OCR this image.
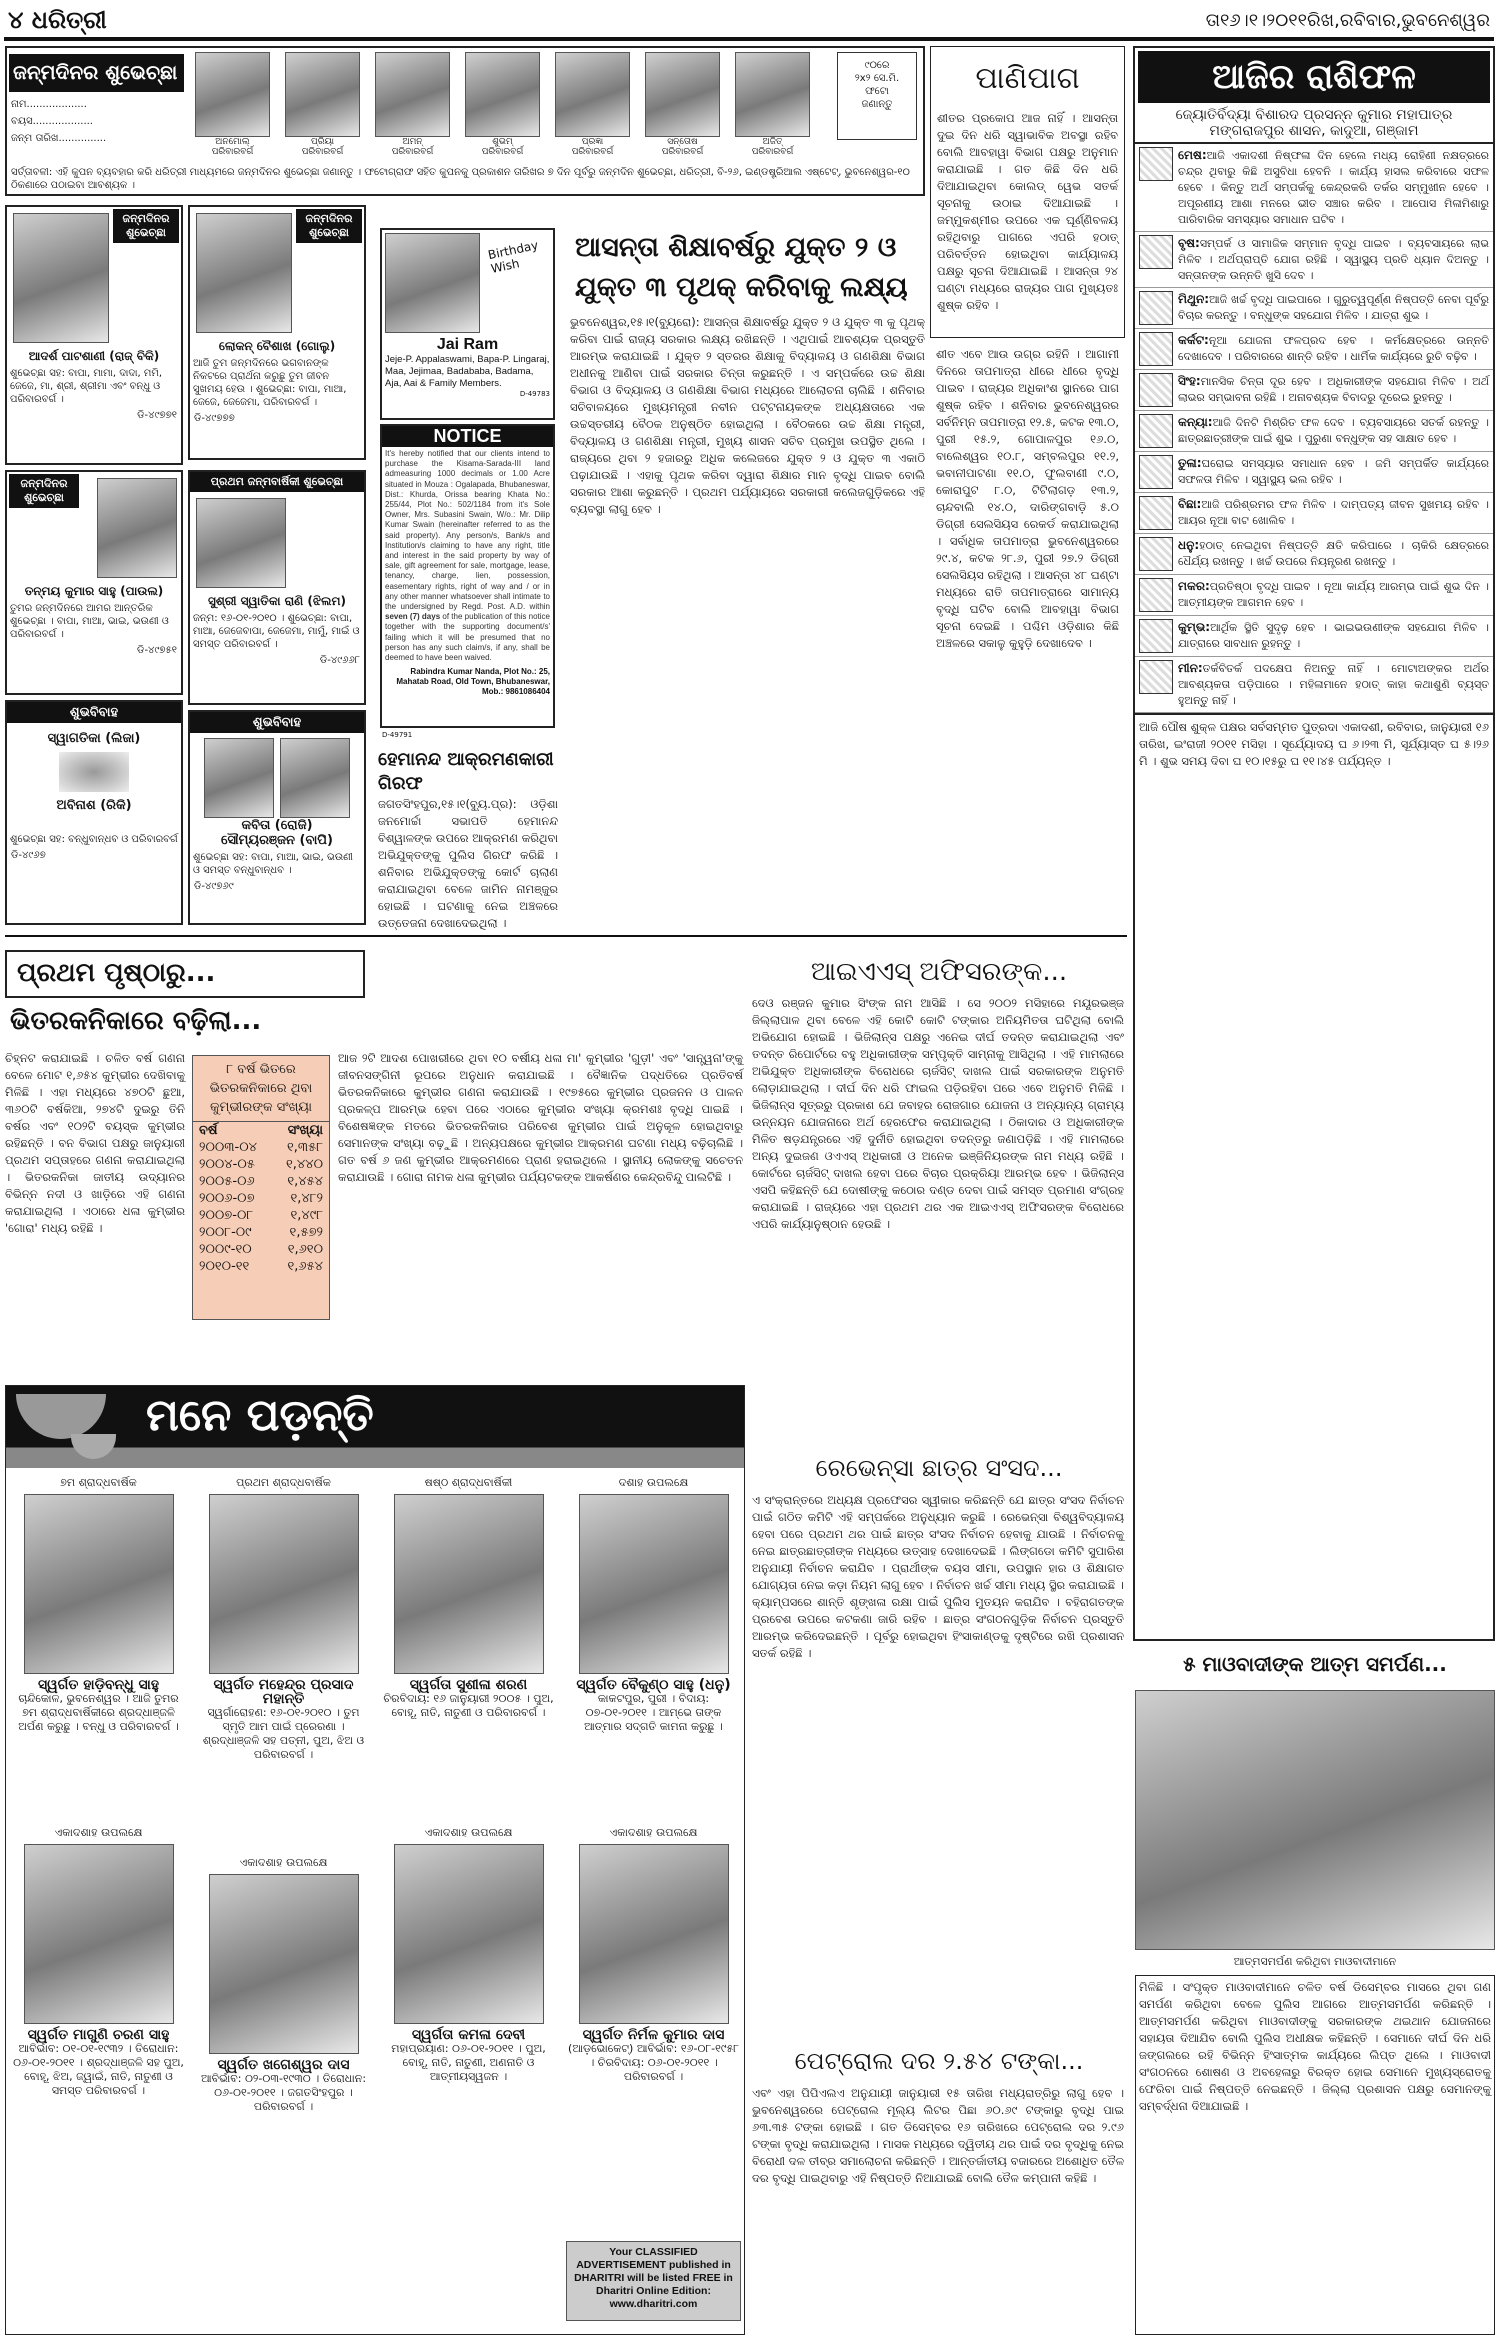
୪ ଧରିତ୍ରୀ	ତା୧୬।୧।୨୦୧୧ରିଖ,ରବିବାର,ଭୁବନେଶ୍ୱର
ଜନ୍ମଦିନର ଶୁଭେଚ୍ଛା
ନାମ...................
ବୟସ...................
ଜନ୍ମ ତାରିଖ...............	ଅନମୋଲ୍
ପରିବାରବର୍ଗ
ପ୍ରିୟା
ପରିବାରବର୍ଗ
ଅମନ୍
ପରିବାରବର୍ଗ
ଶୁଭମ୍
ପରିବାରବର୍ଗ
ପ୍ରଜ୍ଞା
ପରିବାରବର୍ଗ
ସନ୍ତୋଷ
ପରିବାରବର୍ଗ
ଅଜିତ୍
ପରିବାରବର୍ଗ
୯୦ରେ
୨x୨ ସେ.ମି.
ଫଟୋ
ଜଣାନ୍ତୁ
ସର୍ତ୍ତାବଳୀ: ଏହି କୁପନ ବ୍ୟବହାର କରି ଧରିତ୍ରୀ ମାଧ୍ୟମରେ ଜନ୍ମଦିନର ଶୁଭେଚ୍ଛା ଜଣାନ୍ତୁ । ଫଟୋଗ୍ରାଫ ସହିତ କୁପନକୁ ପ୍ରକାଶନ ତାରିଖର ୭ ଦିନ ପୂର୍ବରୁ ଜନ୍ମଦିନ ଶୁଭେଚ୍ଛା, ଧରିତ୍ରୀ, ବି-୨୬, ଇଣ୍ଡଷ୍ଟ୍ରିଆଲ ଏଷ୍ଟେଟ୍, ଭୁବନେଶ୍ୱର-୧୦ ଠିକଣାରେ ପଠାଇବା ଆବଶ୍ୟକ ।
ପାଣିପାଗ
ଶୀତର ପ୍ରକୋପ ଆଜ ନାହିଁ । ଆସନ୍ତା ଦୁଇ ଦିନ ଧରି ସ୍ୱାଭାବିକ ଅବସ୍ଥା ରହିବ ବୋଲି ଆବହାୱା ବିଭାଗ ପକ୍ଷରୁ ଅନୁମାନ କରାଯାଇଛି । ଗତ କିଛି ଦିନ ଧରି ଦିଆଯାଇଥିବା କୋଲଡ୍ ୱେଭ ସତର୍କ ସୂଚନାକୁ ଉଠାଇ ଦିଆଯାଇଛି । ଜମ୍ମୁକଶ୍ମୀର ଉପରେ ଏକ ଘୂର୍ଣ୍ଣିବଳୟ ରହିଥିବାରୁ ପାଗରେ ଏପରି ହଠାତ୍ ପରିବର୍ତ୍ତନ ହୋଇଥିବା କାର୍ଯ୍ୟାଳୟ ପକ୍ଷରୁ ସୂଚନା ଦିଆଯାଇଛି । ଆସନ୍ତା ୨୪ ଘଣ୍ଟା ମଧ୍ୟରେ ରାଜ୍ୟର ପାଗ ମୁଖ୍ୟତଃ ଶୁଷ୍କ ରହିବ ।
ଜନ୍ମଦିନର ଶୁଭେଚ୍ଛା
ଆଦର୍ଶ ପାଟଶାଣୀ (ରାଜ୍ ବିକି)
ଶୁଭେଚ୍ଛା ସହ: ବାପା, ମାମା, ଦାଦା, ମମି, ଜେଜେ, ମା, ଶ୍ରୀ, ଶ୍ରୀମା ଏବଂ ବନ୍ଧୁ ଓ ପରିବାରବର୍ଗ ।
ଡି-୪୯୭୭୧
ଜନ୍ମଦିନର ଶୁଭେଚ୍ଛା
ଲୋକନ୍ ବୈଶାଖ (ଗୋଲୁ)
ଆଜି ତୁମ ଜନ୍ମଦିନରେ ଭଗବାନଙ୍କ ନିକଟରେ ପ୍ରାର୍ଥନା କରୁଛୁ ତୁମ ଜୀବନ ସୁଖମୟ ହେଉ । ଶୁଭେଚ୍ଛା: ବାପା, ମାଆ, ଜେଜେ, ଜେଜେମା, ପରିବାରବର୍ଗ ।
ଡି-୪୯୭୭୭
ଜନ୍ମଦିନର ଶୁଭେଚ୍ଛା
ତନ୍ମୟ କୁମାର ସାହୁ (ପାଉଲ)
ତୁମର ଜନ୍ମଦିନରେ ଆମର ଆନ୍ତରିକ ଶୁଭେଚ୍ଛା । ବାପା, ମାଆ, ଭାଇ, ଭଉଣୀ ଓ ପରିବାରବର୍ଗ ।
ଡି-୪୯୭୫୧
ପ୍ରଥମ ଜନ୍ମବାର୍ଷିକୀ ଶୁଭେଚ୍ଛା
ସୁଶ୍ରୀ ସ୍ୱାତିକା ରାଣି (ଝିଲମ)
ଜନ୍ମ: ୧୬-୦୧-୨୦୧୦ । ଶୁଭେଚ୍ଛା: ବାପା, ମାଆ, ଜେଜେବାପା, ଜେଜେମା, ମାମୁଁ, ମାଇଁ ଓ ସମସ୍ତ ପରିବାରବର୍ଗ ।
ଡି-୪୯୬୬୮
ଶୁଭବିବାହ
ସ୍ୱାଗତିକା (ଲିଜା)
ଅବିନାଶ (ରିକି)
ଶୁଭେଚ୍ଛା ସହ: ବନ୍ଧୁବାନ୍ଧବ ଓ ପରିବାରବର୍ଗ
ଡି-୪୯୬୭
ଶୁଭବିବାହ
କବିତା (ରୋଜି)
ସୌମ୍ୟରଞ୍ଜନ (ବାପି)
ଶୁଭେଚ୍ଛା ସହ: ବାପା, ମାଆ, ଭାଇ, ଭଉଣୀ ଓ ସମସ୍ତ ବନ୍ଧୁବାନ୍ଧବ ।
ଡି-୪୯୭୬୯
Birthday Wish
Jai Ram
Jeje-P. Appalaswami, Bapa-P. Lingaraj, Maa, Jejimaa, Badababa, Badama, Aja, Aai & Family Members.
D-49783
NOTICE
It's hereby notified that our clients intend to purchase the Kisama-Sarada-III land admeasuring 1000 decimals or 1.00 Acre situated in Mouza : Ogalapada, Bhubaneswar, Dist.: Khurda, Orissa bearing Khata No.: 255/44, Plot No.: 502/1184 from it's Sole Owner, Mrs. Subasini Swain, W/o.: Mr. Dilip Kumar Swain (hereinafter referred to as the said property). Any person/s, Bank/s and Institution/s claiming to have any right, title and interest in the said property by way of sale, gift agreement for sale, mortgage, lease, tenancy, charge, lien, possession, easementary rights, right of way and / or in any other manner whatsoever shall intimate to the undersigned by Regd. Post. A.D. within seven (7) days of the publication of this notice together with the supporting document/s' failing which it will be presumed that no person has any such claim/s, if any, shall be deemed to have been waived.
Rabindra Kumar Nanda, Plot No.: 25, Mahatab Road, Old Town, Bhubaneswar, Mob.: 9861086404
D-49791
ହେମାନନ୍ଦ ଆକ୍ରମଣକାରୀ ଗିରଫ
ଜଗତସିଂହପୁର,୧୫।୧(ବ୍ୟୁ.ପ୍ର): ଓଡ଼ିଶା ଜନମୋର୍ଚ୍ଚା ସଭାପତି ହେମାନନ୍ଦ ବିଶ୍ୱାଳଙ୍କ ଉପରେ ଆକ୍ରମଣ କରିଥିବା ଅଭିଯୁକ୍ତଙ୍କୁ ପୁଲିସ ଗିରଫ କରିଛି । ଶନିବାର ଅଭିଯୁକ୍ତଙ୍କୁ କୋର୍ଟ ଚାଲାଣ କରାଯାଇଥିବା ବେଳେ ଜାମିନ ନାମଞ୍ଜୁର ହୋଇଛି । ଘଟଣାକୁ ନେଇ ଅଞ୍ଚଳରେ ଉତ୍ତେଜନା ଦେଖାଦେଇଥିଲା ।
ଆସନ୍ତା ଶିକ୍ଷାବର୍ଷରୁ ଯୁକ୍ତ ୨ ଓ ଯୁକ୍ତ ୩ ପୃଥକ୍ କରିବାକୁ ଲକ୍ଷ୍ୟ
ଭୁବନେଶ୍ୱର,୧୫।୧(ବ୍ୟୁରୋ): ଆସନ୍ତା ଶିକ୍ଷାବର୍ଷରୁ ଯୁକ୍ତ ୨ ଓ ଯୁକ୍ତ ୩ କୁ ପୃଥକ୍ କରିବା ପାଇଁ ରାଜ୍ୟ ସରକାର ଲକ୍ଷ୍ୟ ରଖିଛନ୍ତି । ଏଥିପାଇଁ ଆବଶ୍ୟକ ପ୍ରସ୍ତୁତି ଆରମ୍ଭ କରାଯାଇଛି । ଯୁକ୍ତ ୨ ସ୍ତରର ଶିକ୍ଷାକୁ ବିଦ୍ୟାଳୟ ଓ ଗଣଶିକ୍ଷା ବିଭାଗ ଅଧୀନକୁ ଆଣିବା ପାଇଁ ସରକାର ଚିନ୍ତା କରୁଛନ୍ତି । ଏ ସମ୍ପର୍କରେ ଉଚ୍ଚ ଶିକ୍ଷା ବିଭାଗ ଓ ବିଦ୍ୟାଳୟ ଓ ଗଣଶିକ୍ଷା ବିଭାଗ ମଧ୍ୟରେ ଆଲୋଚନା ଚାଲିଛି । ଶନିବାର ସଚିବାଳୟରେ ମୁଖ୍ୟମନ୍ତ୍ରୀ ନବୀନ ପଟ୍ଟନାୟକଙ୍କ ଅଧ୍ୟକ୍ଷତାରେ ଏକ ଉଚ୍ଚସ୍ତରୀୟ ବୈଠକ ଅନୁଷ୍ଠିତ ହୋଇଥିଲା । ବୈଠକରେ ଉଚ୍ଚ ଶିକ୍ଷା ମନ୍ତ୍ରୀ, ବିଦ୍ୟାଳୟ ଓ ଗଣଶିକ୍ଷା ମନ୍ତ୍ରୀ, ମୁଖ୍ୟ ଶାସନ ସଚିବ ପ୍ରମୁଖ ଉପସ୍ଥିତ ଥିଲେ । ରାଜ୍ୟରେ ଥିବା ୨ ହଜାରରୁ ଅଧିକ କଲେଜରେ ଯୁକ୍ତ ୨ ଓ ଯୁକ୍ତ ୩ ଏକାଠି ପଢ଼ାଯାଉଛି । ଏହାକୁ ପୃଥକ କରିବା ଦ୍ୱାରା ଶିକ୍ଷାର ମାନ ବୃଦ୍ଧି ପାଇବ ବୋଲି ସରକାର ଆଶା କରୁଛନ୍ତି । ପ୍ରଥମ ପର୍ଯ୍ୟାୟରେ ସରକାରୀ କଲେଜଗୁଡ଼ିକରେ ଏହି ବ୍ୟବସ୍ଥା ଲାଗୁ ହେବ ।
ଶୀତ ଏବେ ଆଉ ଉଗ୍ର ରହିନି । ଆଗାମୀ ଦିନରେ ତାପମାତ୍ରା ଧୀରେ ଧୀରେ ବୃଦ୍ଧି ପାଇବ । ରାଜ୍ୟର ଅଧିକାଂଶ ସ୍ଥାନରେ ପାଗ ଶୁଷ୍କ ରହିବ । ଶନିବାର ଭୁବନେଶ୍ୱରର ସର୍ବନିମ୍ନ ତାପମାତ୍ରା ୧୨.୫, କଟକ ୧୩.୦, ପୁରୀ ୧୫.୨, ଗୋପାଳପୁର ୧୬.୦, ବାଲେଶ୍ୱର ୧୦.୮, ସମ୍ବଲପୁର ୧୧.୨, ଭବାନୀପାଟଣା ୧୧.୦, ଫୁଲବାଣୀ ୯.୦, କୋରାପୁଟ ୮.୦, ଟିଟିଲାଗଡ଼ ୧୩.୨, ଚାନ୍ଦବାଲି ୧୪.୦, ଦାରିଙ୍ଗବାଡ଼ି ୫.୦ ଡିଗ୍ରୀ ସେଲସିୟସ ରେକର୍ଡ କରାଯାଇଥିଲା । ସର୍ବାଧିକ ତାପମାତ୍ରା ଭୁବନେଶ୍ୱରରେ ୨୯.୪, କଟକ ୨୮.୬, ପୁରୀ ୨୭.୨ ଡିଗ୍ରୀ ସେଲସିୟସ ରହିଥିଲା । ଆସନ୍ତା ୪୮ ଘଣ୍ଟା ମଧ୍ୟରେ ରାତି ତାପମାତ୍ରାରେ ସାମାନ୍ୟ ବୃଦ୍ଧି ଘଟିବ ବୋଲି ଆବହାୱା ବିଭାଗ ସୂଚନା ଦେଇଛି । ପଶ୍ଚିମ ଓଡ଼ିଶାର କିଛି ଅଞ୍ଚଳରେ ସକାଳୁ କୁହୁଡ଼ି ଦେଖାଦେବ ।
ପ୍ରଥମ ପୃଷ୍ଠାରୁ...
ଭିତରକନିକାରେ ବଢ଼ିଲା...
ଚିହ୍ନଟ କରାଯାଇଛି । ଚଳିତ ବର୍ଷ ଗଣନା ବେଳେ ମୋଟ ୧,୬୫୪ କୁମ୍ଭୀର ଦେଖିବାକୁ ମିଳିଛି । ଏହା ମଧ୍ୟରେ ୪୭୦ଟି ଛୁଆ, ୩୬୦ଟି ବର୍ଷକିଆ, ୨୭୪ଟି ଦୁଇରୁ ତିନି ବର୍ଷର ଏବଂ ୧୦୨ଟି ବୟସ୍କ କୁମ୍ଭୀର ରହିଛନ୍ତି । ବନ ବିଭାଗ ପକ୍ଷରୁ ଜାନୁୟାରୀ ପ୍ରଥମ ସପ୍ତାହରେ ଗଣନା କରାଯାଇଥିଲା । ଭିତରକନିକା ଜାତୀୟ ଉଦ୍ୟାନର ବିଭିନ୍ନ ନଦୀ ଓ ଖାଡ଼ିରେ ଏହି ଗଣନା କରାଯାଇଥିଲା । ଏଠାରେ ଧଳା କୁମ୍ଭୀର 'ଗୋରା' ମଧ୍ୟ ରହିଛି ।
୮ ବର୍ଷ ଭିତରେ ଭିତରକନିକାରେ ଥିବା କୁମ୍ଭୀରଙ୍କ ସଂଖ୍ୟା
ବର୍ଷ	ସଂଖ୍ୟା
୨୦୦୩-୦୪	୧,୩୫୮
୨୦୦୪-୦୫	୧,୪୪୦
୨୦୦୫-୦୬	୧,୪୫୪
୨୦୦୬-୦୭	୧,୪୮୨
୨୦୦୭-୦୮	୧,୪୯୮
୨୦୦୮-୦୯	୧,୫୭୨
୨୦୦୯-୧୦	୧,୬୧୦
୨୦୧୦-୧୧	୧,୬୫୪
ଆଜ ୨ଟି ଆଦଶ ପୋଖରୀରେ ଥିବା ୧୦ ବର୍ଷୀୟ ଧଳା ମା' କୁମ୍ଭୀର 'ଗୁଡ଼ୀ' ଏବଂ 'ସାନ୍ତ୍ୱନା'ଙ୍କୁ ଜୀବନସଙ୍ଗିନୀ ରୂପରେ ଅନୁଧାନ କରାଯାଇଛି । ବୈଜ୍ଞାନିକ ପଦ୍ଧତିରେ ପ୍ରତିବର୍ଷ ଭିତରକନିକାରେ କୁମ୍ଭୀର ଗଣନା କରାଯାଉଛି । ୧୯୭୫ରେ କୁମ୍ଭୀର ପ୍ରଜନନ ଓ ପାଳନ ପ୍ରକଳ୍ପ ଆରମ୍ଭ ହେବା ପରେ ଏଠାରେ କୁମ୍ଭୀର ସଂଖ୍ୟା କ୍ରମଶଃ ବୃଦ୍ଧି ପାଇଛି । ବିଶେଷଜ୍ଞଙ୍କ ମତରେ ଭିତରକନିକାର ପରିବେଶ କୁମ୍ଭୀର ପାଇଁ ଅନୁକୂଳ ହୋଇଥିବାରୁ ସେମାନଙ୍କ ସଂଖ୍ୟା ବଢ଼ୁଛି । ଅନ୍ୟପକ୍ଷରେ କୁମ୍ଭୀର ଆକ୍ରମଣ ଘଟଣା ମଧ୍ୟ ବଢ଼ିଚାଲିଛି । ଗତ ବର୍ଷ ୬ ଜଣ କୁମ୍ଭୀର ଆକ୍ରମଣରେ ପ୍ରାଣ ହରାଇଥିଲେ । ସ୍ଥାନୀୟ ଲୋକଙ୍କୁ ସଚେତନ କରାଯାଉଛି । ଗୋରା ନାମକ ଧଳା କୁମ୍ଭୀର ପର୍ଯ୍ୟଟକଙ୍କ ଆକର୍ଷଣର କେନ୍ଦ୍ରବିନ୍ଦୁ ପାଲଟିଛି ।
ଆଇଏଏସ୍ ଅଫିସରଙ୍କ...
ଦେଓ ରଞ୍ଜନ କୁମାର ସିଂଙ୍କ ନାମ ଆସିଛି । ସେ ୨୦୦୨ ମସିହାରେ ମୟୂରଭଞ୍ଜ ଜିଲ୍ଲାପାଳ ଥିବା ବେଳେ ଏହି କୋଟି କୋଟି ଟଙ୍କାର ଅନିୟମିତତା ଘଟିଥିଲା ବୋଲି ଅଭିଯୋଗ ହୋଇଛି । ଭିଜିଲାନ୍ସ ପକ୍ଷରୁ ଏନେଇ ଦୀର୍ଘ ତଦନ୍ତ କରାଯାଇଥିଲା ଏବଂ ତଦନ୍ତ ରିପୋର୍ଟରେ ବହୁ ଅଧିକାରୀଙ୍କ ସମ୍ପୃକ୍ତି ସାମ୍ନାକୁ ଆସିଥିଲା । ଏହି ମାମଲାରେ ଅଭିଯୁକ୍ତ ଅଧିକାରୀଙ୍କ ବିରୋଧରେ ଚାର୍ଜସିଟ୍ ଦାଖଲ ପାଇଁ ସରକାରଙ୍କ ଅନୁମତି ଲୋଡ଼ାଯାଇଥିଲା । ଦୀର୍ଘ ଦିନ ଧରି ଫାଇଲ ପଡ଼ିରହିବା ପରେ ଏବେ ଅନୁମତି ମିଳିଛି । ଭିଜିଲାନ୍ସ ସୂତ୍ରରୁ ପ୍ରକାଶ ଯେ ଜବାହର ରୋଜଗାର ଯୋଜନା ଓ ଅନ୍ୟାନ୍ୟ ଗ୍ରାମ୍ୟ ଉନ୍ନୟନ ଯୋଜନାରେ ଅର୍ଥ ହେରଫେର କରାଯାଇଥିଲା । ଠିକାଦାର ଓ ଅଧିକାରୀଙ୍କ ମିଳିତ ଷଡ଼ଯନ୍ତ୍ରରେ ଏହି ଦୁର୍ନୀତି ହୋଇଥିବା ତଦନ୍ତରୁ ଜଣାପଡ଼ିଛି । ଏହି ମାମଲାରେ ଅନ୍ୟ ଦୁଇଜଣ ଓଏଏସ୍ ଅଧିକାରୀ ଓ ଅନେକ ଇଞ୍ଜିନିୟରଙ୍କ ନାମ ମଧ୍ୟ ରହିଛି । କୋର୍ଟରେ ଚାର୍ଜସିଟ୍ ଦାଖଲ ହେବା ପରେ ବିଚାର ପ୍ରକ୍ରିୟା ଆରମ୍ଭ ହେବ । ଭିଜିଲାନ୍ସ ଏସପି କହିଛନ୍ତି ଯେ ଦୋଷୀଙ୍କୁ କଠୋର ଦଣ୍ଡ ଦେବା ପାଇଁ ସମସ୍ତ ପ୍ରମାଣ ସଂଗ୍ରହ କରାଯାଇଛି । ରାଜ୍ୟରେ ଏହା ପ୍ରଥମ ଥର ଏକ ଆଇଏଏସ୍ ଅଫିସରଙ୍କ ବିରୋଧରେ ଏପରି କାର୍ଯ୍ୟାନୁଷ୍ଠାନ ହେଉଛି ।
ମନେ ପଡ଼ନ୍ତି
୭ମ ଶ୍ରାଦ୍ଧବାର୍ଷିକ
ସ୍ୱର୍ଗତ ହାଡ଼ିବନ୍ଧୁ ସାହୁ
ଚାନ୍ଦିକୋଳ, ଭୁବନେଶ୍ୱର । ଆଜି ତୁମର ୭ମ ଶ୍ରାଦ୍ଧବାର୍ଷିକୀରେ ଶ୍ରଦ୍ଧାଞ୍ଜଳି ଅର୍ପଣ କରୁଛୁ । ବନ୍ଧୁ ଓ ପରିବାରବର୍ଗ ।
ପ୍ରଥମ ଶ୍ରାଦ୍ଧବାର୍ଷିକ
ସ୍ୱର୍ଗତ ମହେନ୍ଦ୍ର ପ୍ରସାଦ ମହାନ୍ତି
ସ୍ୱର୍ଗାରୋହଣ: ୧୬-୦୧-୨୦୧୦ । ତୁମ ସ୍ମୃତି ଆମ ପାଇଁ ପ୍ରେରଣା । ଶ୍ରଦ୍ଧାଞ୍ଜଳି ସହ ପତ୍ନୀ, ପୁଅ, ଝିଅ ଓ ପରିବାରବର୍ଗ ।
ଷଷ୍ଠ ଶ୍ରାଦ୍ଧବାର୍ଷିକୀ
ସ୍ୱର୍ଗତା ସୁଶୀଳା ଶରଣ
ଚିରବିଦାୟ: ୧୬ ଜାନୁୟାରୀ ୨୦୦୫ । ପୁଅ, ବୋହୂ, ନାତି, ନାତୁଣୀ ଓ ପରିବାରବର୍ଗ ।
ଦଶାହ ଉପଲକ୍ଷେ
ସ୍ୱର୍ଗତ ବୈକୁଣ୍ଠ ସାହୁ (ଧନୁ)
କାକଟପୁର, ପୁରୀ । ବିଦାୟ: ୦୭-୦୧-୨୦୧୧ । ଆମ୍ଭେ ତାଙ୍କ ଆତ୍ମାର ସଦ୍‌ଗତି କାମନା କରୁଛୁ ।
ଏକାଦଶାହ ଉପଲକ୍ଷେ
ସ୍ୱର୍ଗତ ମାଗୁଣି ଚରଣ ସାହୁ
ଆବିର୍ଭାବ: ୦୧-୦୧-୧୯୩୨ । ତିରୋଧାନ: ୦୬-୦୧-୨୦୧୧ । ଶ୍ରଦ୍ଧାଞ୍ଜଳି ସହ ପୁଅ, ବୋହୂ, ଝିଅ, ଜ୍ୱାଇଁ, ନାତି, ନାତୁଣୀ ଓ ସମସ୍ତ ପରିବାରବର୍ଗ ।
ଏକାଦଶାହ ଉପଲକ୍ଷେ
ସ୍ୱର୍ଗତ ଖଗେଶ୍ୱର ଦାସ
ଆବିର୍ଭାବ: ୦୨-୦୩-୧୯୩୦ । ତିରୋଧାନ: ୦୬-୦୧-୨୦୧୧ । ଜଗତସିଂହପୁର । ପରିବାରବର୍ଗ ।
ଏକାଦଶାହ ଉପଲକ୍ଷେ
ସ୍ୱର୍ଗତା କମଳା ଦେବୀ
ମହାପ୍ରୟାଣ: ୦୬-୦୧-୨୦୧୧ । ପୁଅ, ବୋହୂ, ନାତି, ନାତୁଣୀ, ଅଣନାତି ଓ ଆତ୍ମୀୟସ୍ୱଜନ ।
ଏକାଦଶାହ ଉପଲକ୍ଷେ
ସ୍ୱର୍ଗତ ନିର୍ମଳ କୁମାର ଦାସ
(ଆଡ଼ଭୋକେଟ୍) ଆବିର୍ଭାବ: ୧୬-୦୮-୧୯୫୮ । ଚିରବିଦାୟ: ୦୬-୦୧-୨୦୧୧ । ପରିବାରବର୍ଗ ।
Your CLASSIFIED ADVERTISEMENT published in DHARITRI will be listed FREE in Dharitri Online Edition: www.dharitri.com
ରେଭେନ୍ସା ଛାତ୍ର ସଂସଦ...
ଏ ସଂକ୍ରାନ୍ତରେ ଅଧ୍ୟକ୍ଷ ପ୍ରଫେସର ସ୍ୱୀକାର କରିଛନ୍ତି ଯେ ଛାତ୍ର ସଂସଦ ନିର୍ବାଚନ ପାଇଁ ଗଠିତ କମିଟି ଏହି ସମ୍ପର୍କରେ ଅନୁଧ୍ୟାନ କରୁଛି । ରେଭେନ୍ସା ବିଶ୍ୱବିଦ୍ୟାଳୟ ହେବା ପରେ ପ୍ରଥମ ଥର ପାଇଁ ଛାତ୍ର ସଂସଦ ନିର୍ବାଚନ ହେବାକୁ ଯାଉଛି । ନିର୍ବାଚନକୁ ନେଇ ଛାତ୍ରଛାତ୍ରୀଙ୍କ ମଧ୍ୟରେ ଉତ୍ସାହ ଦେଖାଦେଇଛି । ଲିଙ୍ଗଡୋ କମିଟି ସୁପାରିଶ ଅନୁଯାୟୀ ନିର୍ବାଚନ କରାଯିବ । ପ୍ରାର୍ଥୀଙ୍କ ବୟସ ସୀମା, ଉପସ୍ଥାନ ହାର ଓ ଶିକ୍ଷାଗତ ଯୋଗ୍ୟତା ନେଇ କଡ଼ା ନିୟମ ଲାଗୁ ହେବ । ନିର୍ବାଚନ ଖର୍ଚ୍ଚ ସୀମା ମଧ୍ୟ ସ୍ଥିର କରାଯାଇଛି । କ୍ୟାମ୍ପସରେ ଶାନ୍ତି ଶୃଙ୍ଖଳା ରକ୍ଷା ପାଇଁ ପୁଲିସ ମୁତୟନ କରାଯିବ । ବହିରାଗତଙ୍କ ପ୍ରବେଶ ଉପରେ କଟକଣା ଜାରି ରହିବ । ଛାତ୍ର ସଂଗଠନଗୁଡ଼ିକ ନିର୍ବାଚନ ପ୍ରସ୍ତୁତି ଆରମ୍ଭ କରିଦେଇଛନ୍ତି । ପୂର୍ବରୁ ହୋଇଥିବା ହିଂସାକାଣ୍ଡକୁ ଦୃଷ୍ଟିରେ ରଖି ପ୍ରଶାସନ ସତର୍କ ରହିଛି ।
ପେଟ୍ରୋଲ ଦର ୨.୫୪ ଟଙ୍କା...
ଏବଂ ଏହା ପିପିଏଲଏ ଅନୁଯାୟୀ ଜାନୁୟାରୀ ୧୫ ତାରିଖ ମଧ୍ୟରାତ୍ରିରୁ ଲାଗୁ ହେବ । ଭୁବନେଶ୍ୱରରେ ପେଟ୍ରୋଲ ମୂଲ୍ୟ ଲିଟର ପିଛା ୬୦.୬୯ ଟଙ୍କାରୁ ବୃଦ୍ଧି ପାଇ ୬୩.୩୫ ଟଙ୍କା ହୋଇଛି । ଗତ ଡିସେମ୍ବର ୧୬ ତାରିଖରେ ପେଟ୍ରୋଲ ଦର ୨.୯୬ ଟଙ୍କା ବୃଦ୍ଧି କରାଯାଇଥିଲା । ମାସକ ମଧ୍ୟରେ ଦ୍ୱିତୀୟ ଥର ପାଇଁ ଦର ବୃଦ୍ଧିକୁ ନେଇ ବିରୋଧୀ ଦଳ ତୀବ୍ର ସମାଲୋଚନା କରିଛନ୍ତି । ଆନ୍ତର୍ଜାତୀୟ ବଜାରରେ ଅଶୋଧିତ ତୈଳ ଦର ବୃଦ୍ଧି ପାଇଥିବାରୁ ଏହି ନିଷ୍ପତ୍ତି ନିଆଯାଇଛି ବୋଲି ତୈଳ କମ୍ପାନୀ କହିଛି ।
ଆଜିର ରାଶିଫଳ
ଜ୍ୟୋତିର୍ବିଦ୍ୟା ବିଶାରଦ ପ୍ରସନ୍ନ କୁମାର ମହାପାତ୍ର
ମଙ୍ଗରାଜପୁର ଶାସନ, କାଦୁଆ, ଗଞ୍ଜାମ
ମେଷ:ଆଜି ଏକାଦଶୀ ନିଷ୍ଫଳା ଦିନ ହେଲେ ମଧ୍ୟ ରୋହିଣୀ ନକ୍ଷତ୍ରରେ ଚନ୍ଦ୍ର ଥିବାରୁ କିଛି ଅସୁବିଧା ହେବନି । କାର୍ଯ୍ୟ ହାସଲ କରିବାରେ ସଫଳ ହେବେ । କିନ୍ତୁ ଅର୍ଥ ସମ୍ପର୍କକୁ କେନ୍ଦ୍ରକରି ତର୍କର ସମ୍ମୁଖୀନ ହେବେ । ଅପୂରଣୀୟ ଆଶା ମନରେ ଭୀତ ସଞ୍ଚାର କରିବ । ଆପୋସ ମିଳାମିଶାରୁ ପାରିବାରିକ ସମସ୍ୟାର ସମାଧାନ ଘଟିବ ।
ବୃଷ:ସମ୍ପର୍କ ଓ ସାମାଜିକ ସମ୍ମାନ ବୃଦ୍ଧି ପାଇବ । ବ୍ୟବସାୟରେ ଲାଭ ମିଳିବ । ଅର୍ଥପ୍ରାପ୍ତି ଯୋଗ ରହିଛି । ସ୍ୱାସ୍ଥ୍ୟ ପ୍ରତି ଧ୍ୟାନ ଦିଅନ୍ତୁ । ସନ୍ତାନଙ୍କ ଉନ୍ନତି ଖୁସି ଦେବ ।
ମିଥୁନ:ଆଜି ଖର୍ଚ୍ଚ ବୃଦ୍ଧି ପାଇପାରେ । ଗୁରୁତ୍ୱପୂର୍ଣ୍ଣ ନିଷ୍ପତ୍ତି ନେବା ପୂର୍ବରୁ ବିଚାର କରନ୍ତୁ । ବନ୍ଧୁଙ୍କ ସହଯୋଗ ମିଳିବ । ଯାତ୍ରା ଶୁଭ ।
କର୍କଟ:ନୂଆ ଯୋଜନା ଫଳପ୍ରଦ ହେବ । କର୍ମକ୍ଷେତ୍ରରେ ଉନ୍ନତି ଦେଖାଦେବ । ପରିବାରରେ ଶାନ୍ତି ରହିବ । ଧାର୍ମିକ କାର୍ଯ୍ୟରେ ରୁଚି ବଢ଼ିବ ।
ସିଂହ:ମାନସିକ ଚିନ୍ତା ଦୂର ହେବ । ଅଧିକାରୀଙ୍କ ସହଯୋଗ ମିଳିବ । ଅର୍ଥ ଲାଭର ସମ୍ଭାବନା ରହିଛି । ଅନାବଶ୍ୟକ ବିବାଦରୁ ଦୂରେଇ ରୁହନ୍ତୁ ।
କନ୍ୟା:ଆଜି ଦିନଟି ମିଶ୍ରିତ ଫଳ ଦେବ । ବ୍ୟବସାୟରେ ସତର୍କ ରହନ୍ତୁ । ଛାତ୍ରଛାତ୍ରୀଙ୍କ ପାଇଁ ଶୁଭ । ପୁରୁଣା ବନ୍ଧୁଙ୍କ ସହ ସାକ୍ଷାତ ହେବ ।
ତୁଳା:ଘରୋଇ ସମସ୍ୟାର ସମାଧାନ ହେବ । ଜମି ସମ୍ପର୍କିତ କାର୍ଯ୍ୟରେ ସଫଳତା ମିଳିବ । ସ୍ୱାସ୍ଥ୍ୟ ଭଲ ରହିବ ।
ବିଛା:ଆଜି ପରିଶ୍ରମର ଫଳ ମିଳିବ । ଦାମ୍ପତ୍ୟ ଜୀବନ ସୁଖମୟ ରହିବ । ଆୟର ନୂଆ ବାଟ ଖୋଲିବ ।
ଧନୁ:ହଠାତ୍ ନେଇଥିବା ନିଷ୍ପତ୍ତି କ୍ଷତି କରିପାରେ । ଚାକିରି କ୍ଷେତ୍ରରେ ଧୈର୍ଯ୍ୟ ରଖନ୍ତୁ । ଖର୍ଚ୍ଚ ଉପରେ ନିୟନ୍ତ୍ରଣ ରଖନ୍ତୁ ।
ମକର:ପ୍ରତିଷ୍ଠା ବୃଦ୍ଧି ପାଇବ । ନୂଆ କାର୍ଯ୍ୟ ଆରମ୍ଭ ପାଇଁ ଶୁଭ ଦିନ । ଆତ୍ମୀୟଙ୍କ ଆଗମନ ହେବ ।
କୁମ୍ଭ:ଆର୍ଥିକ ସ୍ଥିତି ସୁଦୃଢ଼ ହେବ । ଭାଇଭଉଣୀଙ୍କ ସହଯୋଗ ମିଳିବ । ଯାତ୍ରାରେ ସାବଧାନ ରୁହନ୍ତୁ ।
ମୀନ:ତର୍କବିତର୍କ ପଦକ୍ଷେପ ନିଅନ୍ତୁ ନାହିଁ । ମୋଟାଅଙ୍କର ଅର୍ଥର ଆବଶ୍ୟକତା ପଡ଼ିପାରେ । ମହିଳାମାନେ ହଠାତ୍ କାହା କଥାଶୁଣି ବ୍ୟସ୍ତ ହୁଅନ୍ତୁ ନାହିଁ ।
ଆଜି ପୌଷ ଶୁକ୍ଳ ପକ୍ଷର ସର୍ବସମ୍ମତ ପୁତ୍ରଦା ଏକାଦଶୀ, ରବିବାର, ଜାନୁୟାରୀ ୧୬ ତାରିଖ, ଇଂରାଜୀ ୨୦୧୧ ମସିହା । ସୂର୍ଯ୍ୟୋଦୟ ଘ ୬।୨୩ ମି, ସୂର୍ଯ୍ୟାସ୍ତ ଘ ୫।୨୬ ମି । ଶୁଭ ସମୟ ଦିବା ଘ ୧୦।୧୫ରୁ ଘ ୧୧।୪୫ ପର୍ଯ୍ୟନ୍ତ ।
୫ ମାଓବାଦୀଙ୍କ ଆତ୍ମ ସମର୍ପଣ...
ଆତ୍ମସମର୍ପଣ କରିଥିବା ମାଓବାଦୀମାନେ
ମିଳିଛି । ସଂପୃକ୍ତ ମାଓବାଦୀମାନେ ଚଳିତ ବର୍ଷ ଡିସେମ୍ବର ମାସରେ ଥିବା ଗଣ ସମର୍ପଣ କରିଥିବା ବେଳେ ପୁଲିସ ଆଗରେ ଆତ୍ମସମର୍ପଣ କରିଛନ୍ତି । ଆତ୍ମସମର୍ପଣ କରିଥିବା ମାଓବାଦୀଙ୍କୁ ସରକାରଙ୍କ ଥଇଥାନ ଯୋଜନାରେ ସହାୟତା ଦିଆଯିବ ବୋଲି ପୁଲିସ ଅଧୀକ୍ଷକ କହିଛନ୍ତି । ସେମାନେ ଦୀର୍ଘ ଦିନ ଧରି ଜଙ୍ଗଲରେ ରହି ବିଭିନ୍ନ ହିଂସାତ୍ମକ କାର୍ଯ୍ୟରେ ଲିପ୍ତ ଥିଲେ । ମାଓବାଦୀ ସଂଗଠନରେ ଶୋଷଣ ଓ ଅବହେଳାରୁ ବିରକ୍ତ ହୋଇ ସେମାନେ ମୁଖ୍ୟସ୍ରୋତକୁ ଫେରିବା ପାଇଁ ନିଷ୍ପତ୍ତି ନେଇଛନ୍ତି । ଜିଲ୍ଲା ପ୍ରଶାସନ ପକ୍ଷରୁ ସେମାନଙ୍କୁ ସମ୍ବର୍ଦ୍ଧନା ଦିଆଯାଇଛି ।
